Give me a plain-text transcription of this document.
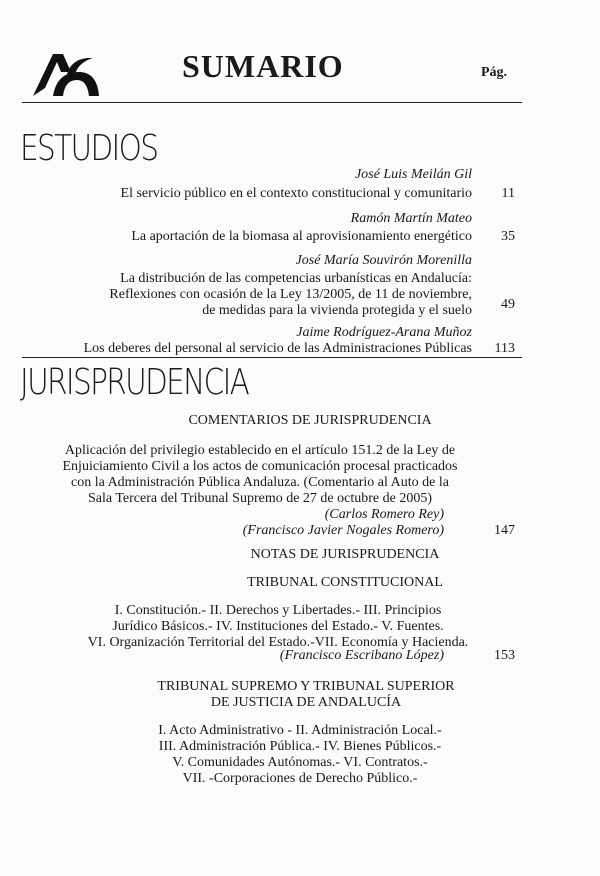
SUMARIO	Pág.
ESTUDIOS
José Luis Meilán Gil
El servicio público en el contexto constitucional y comunitario	11
Ramón Martín Mateo
La aportación de la biomasa al aprovisionamiento energético	35
José María Souvirón Morenilla
La distribución de las competencias urbanísticas en Andalucía:
Reflexiones con ocasión de la Ley 13/2005, de 11 de noviembre,
de medidas para la vivienda protegida y el suelo	49
Jaime Rodríguez-Arana Muñoz
Los deberes del personal al servicio de las Administraciones Públicas	113
JURISPRUDENCIA
COMENTARIOS DE JURISPRUDENCIA
Aplicación del privilegio establecido en el artículo 151.2 de la Ley de
Enjuiciamiento Civil a los actos de comunicación procesal practicados
con la Administración Pública Andaluza. (Comentario al Auto de la
Sala Tercera del Tribunal Supremo de 27 de octubre de 2005)
(Carlos Romero Rey)
(Francisco Javier Nogales Romero)	147
NOTAS DE JURISPRUDENCIA
TRIBUNAL CONSTITUCIONAL
I. Constitución.- II. Derechos y Libertades.- III. Principios
Jurídico Básicos.- IV. Instituciones del Estado.- V. Fuentes.
VI. Organización Territorial del Estado.-VII. Economía y Hacienda.
(Francisco Escribano López)	153
TRIBUNAL SUPREMO Y TRIBUNAL SUPERIOR
DE JUSTICIA DE ANDALUCÍA
I. Acto Administrativo - II. Administración Local.-
III. Administración Pública.- IV. Bienes Públicos.-
V. Comunidades Autónomas.- VI. Contratos.-
VII. -Corporaciones de Derecho Público.-
